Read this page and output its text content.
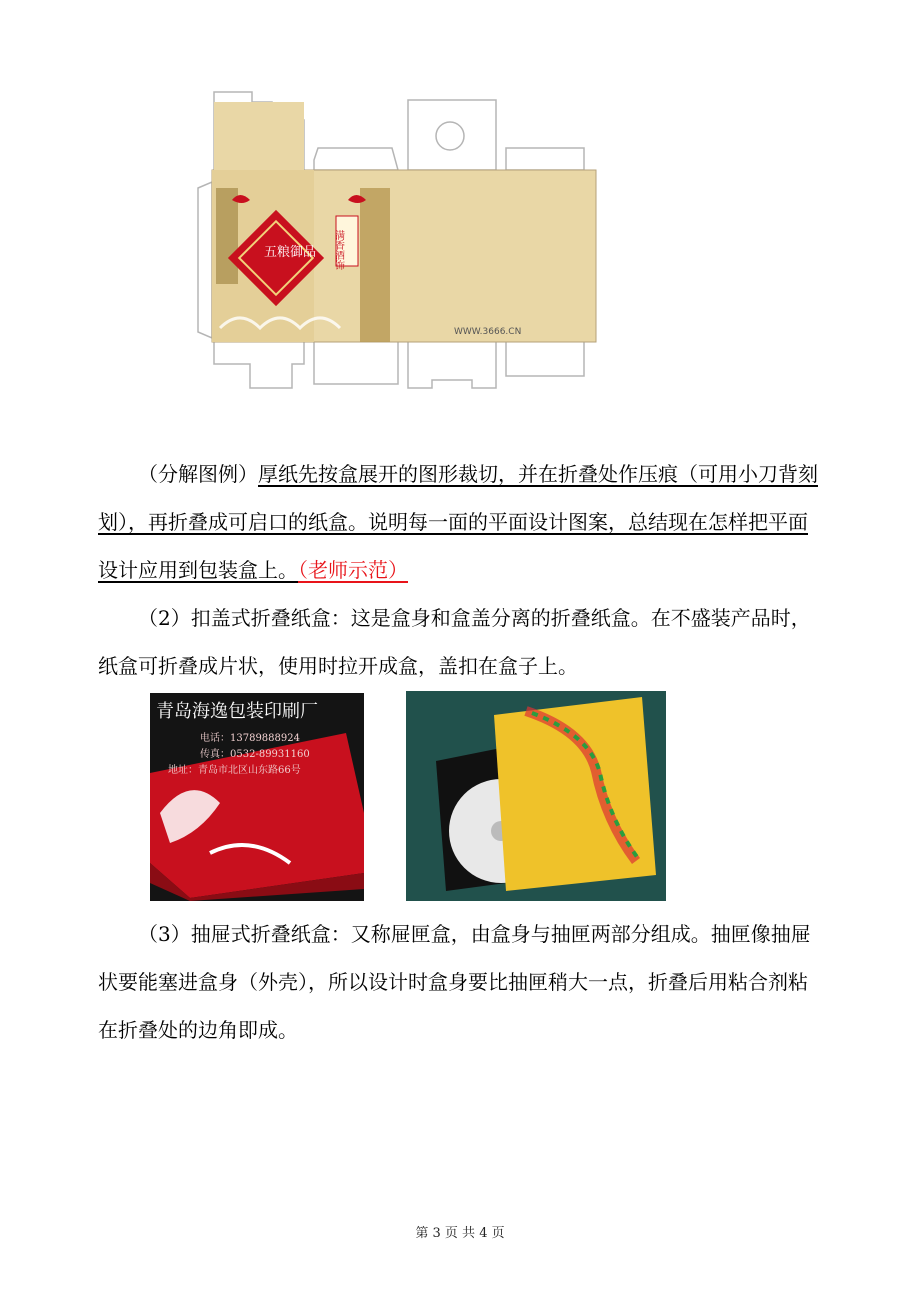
五粮御品 满香酒饰
WWW.3666.CN

（分解图例）厚纸先按盒展开的图形裁切，并在折叠处作压痕（可用小刀背刻划），再折叠成可启口的纸盒。说明每一面的平面设计图案，总结现在怎样把平面设计应用到包装盒上。（老师示范）

（2）扣盖式折叠纸盒：这是盒身和盒盖分离的折叠纸盒。在不盛装产品时，纸盒可折叠成片状，使用时拉开成盒，盖扣在盒子上。

青岛海逸包装印刷厂
电话：13789888924
传真：0532-89931160
地址：青岛市北区山东路66号

（3）抽屉式折叠纸盒：又称屉匣盒，由盒身与抽匣两部分组成。抽匣像抽屉状要能塞进盒身（外壳），所以设计时盒身要比抽匣稍大一点，折叠后用粘合剂粘在折叠处的边角即成。

第 3 页 共 4 页
